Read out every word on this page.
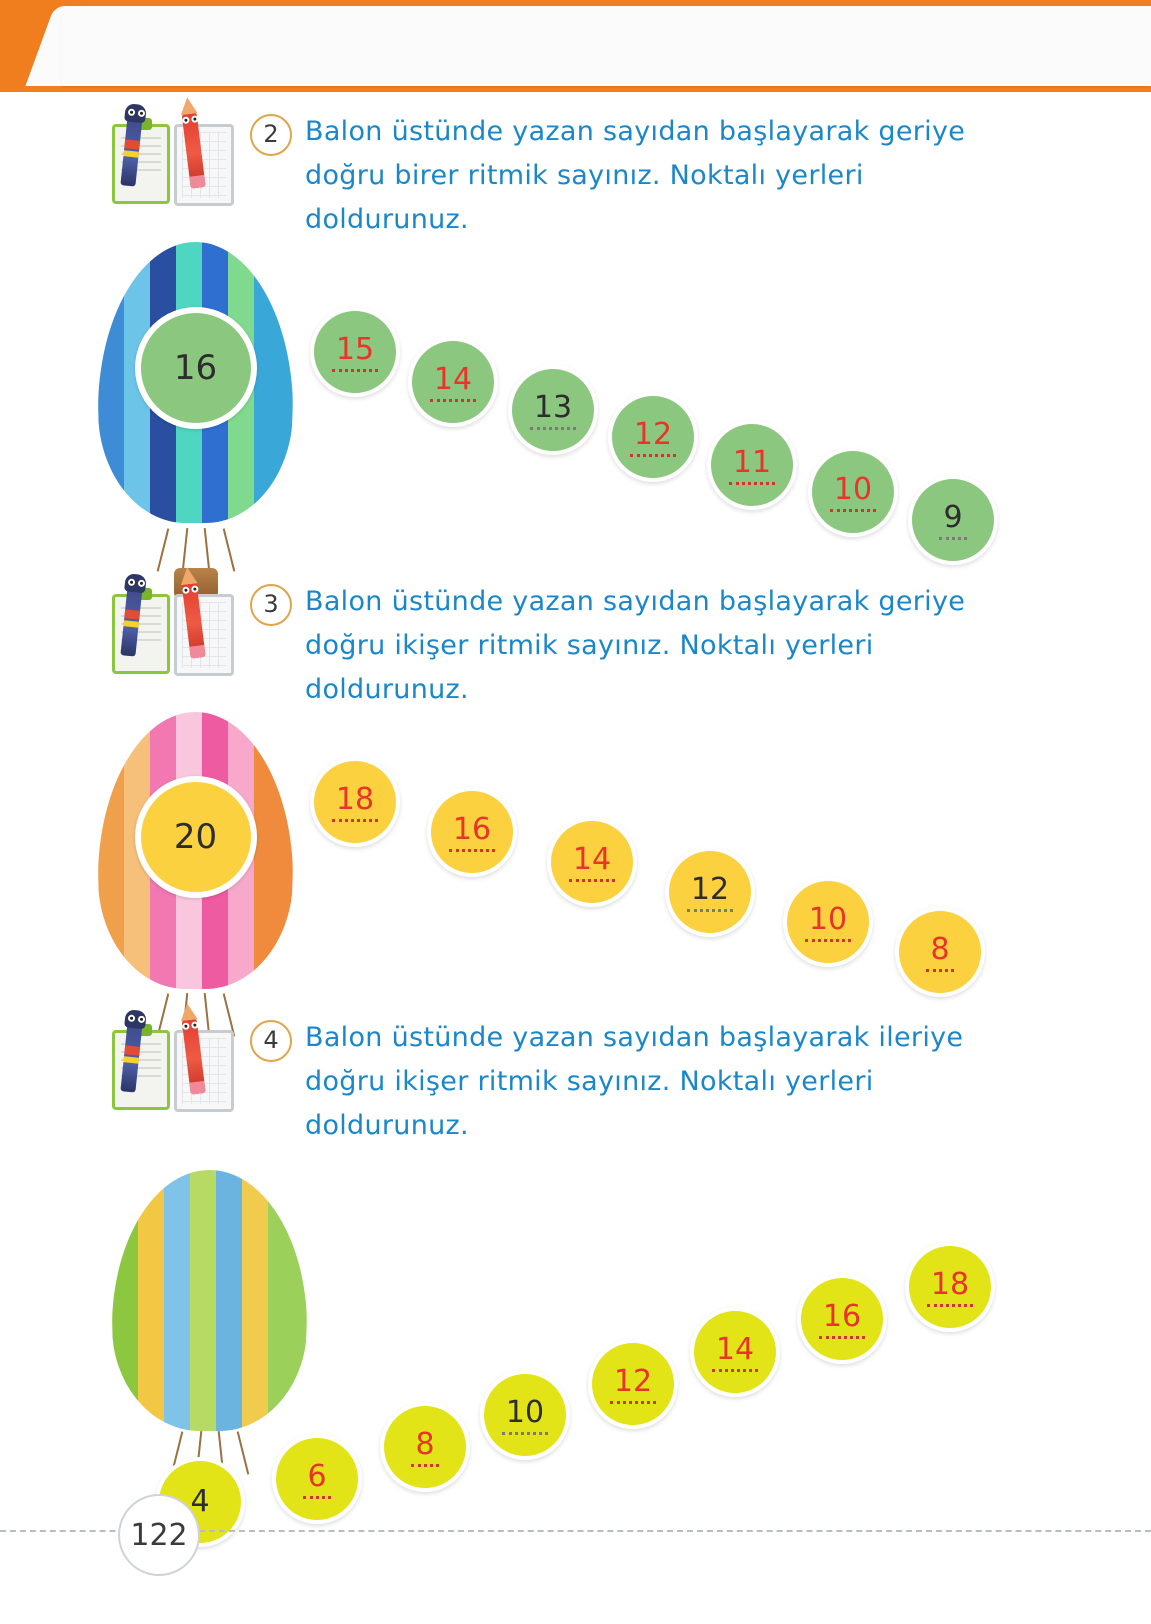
2 Balon üstünde yazan sayıdan başlayarak geriye doğru birer ritmik sayınız. Noktalı yerleri doldurunuz.
16	15
14
13
12
11
10
9
3 Balon üstünde yazan sayıdan başlayarak geriye doğru ikişer ritmik sayınız. Noktalı yerleri doldurunuz.
20
18
16
14
12
10
8
4 Balon üstünde yazan sayıdan başlayarak ileriye doğru ikişer ritmik sayınız. Noktalı yerleri doldurunuz.
4
6
8
10
12
14
16
18
122
